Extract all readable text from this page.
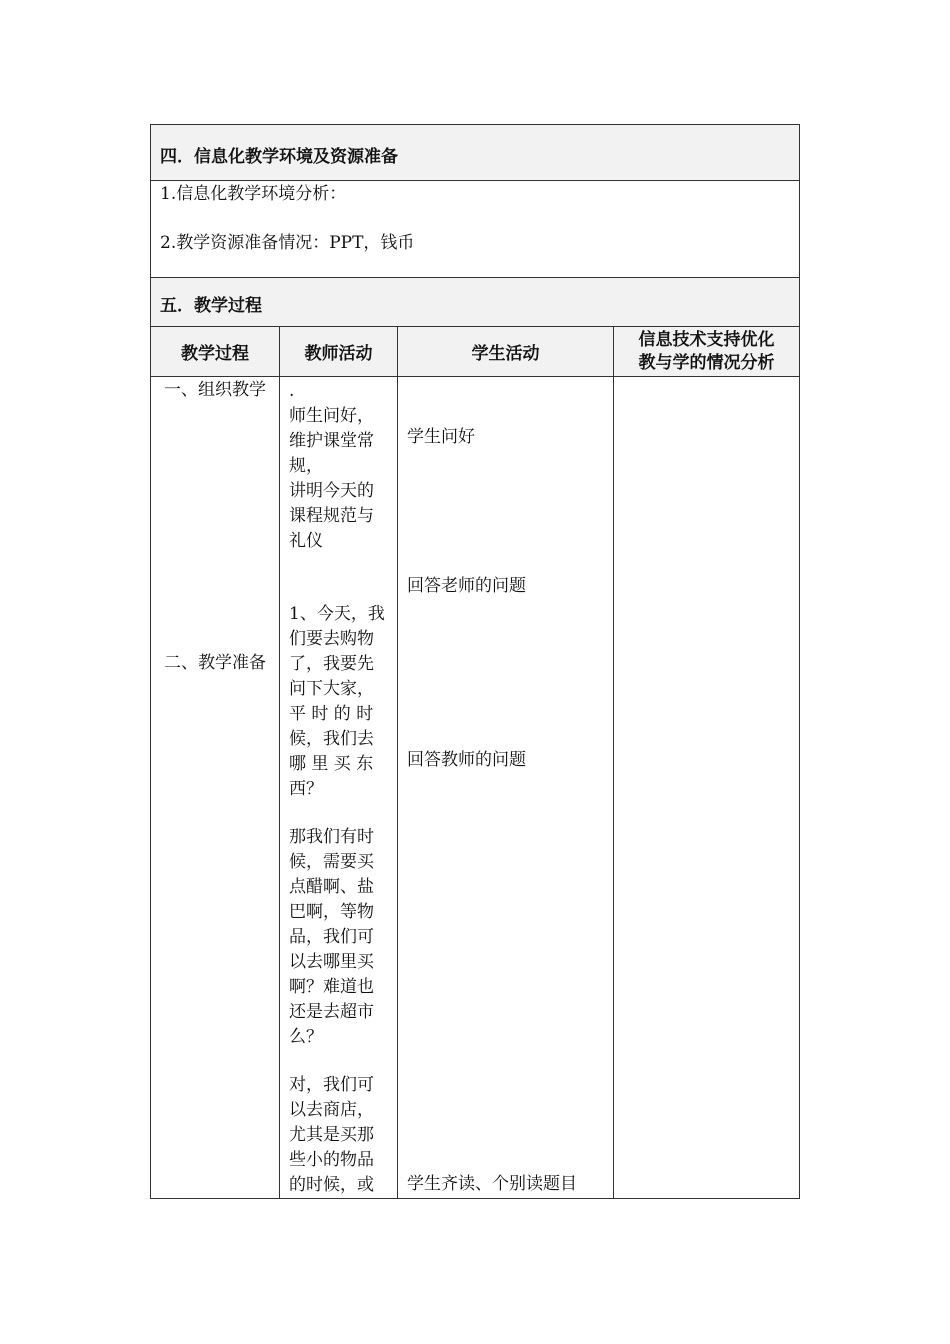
四．信息化教学环境及资源准备
1.信息化教学环境分析：
2.教学资源准备情况：PPT，钱币
五．教学过程
教学过程	教师活动	学生活动
信息技术支持优化
教与学的情况分析
一、组织教学
二、教学准备
.
师生问好，
维护课堂常
规，
讲明今天的
课程规范与
礼仪
1、今天，我
们要去购物
了，我要先
问下大家，
平 时 的 时
候，我们去
哪 里 买 东
西？
那我们有时
候，需要买
点醋啊、盐
巴啊，等物
品，我们可
以去哪里买
啊？难道也
还是去超市
么？
对，我们可
以去商店，
尤其是买那
些小的物品
的时候，或
学生问好
回答老师的问题
回答教师的问题
学生齐读、个别读题目
